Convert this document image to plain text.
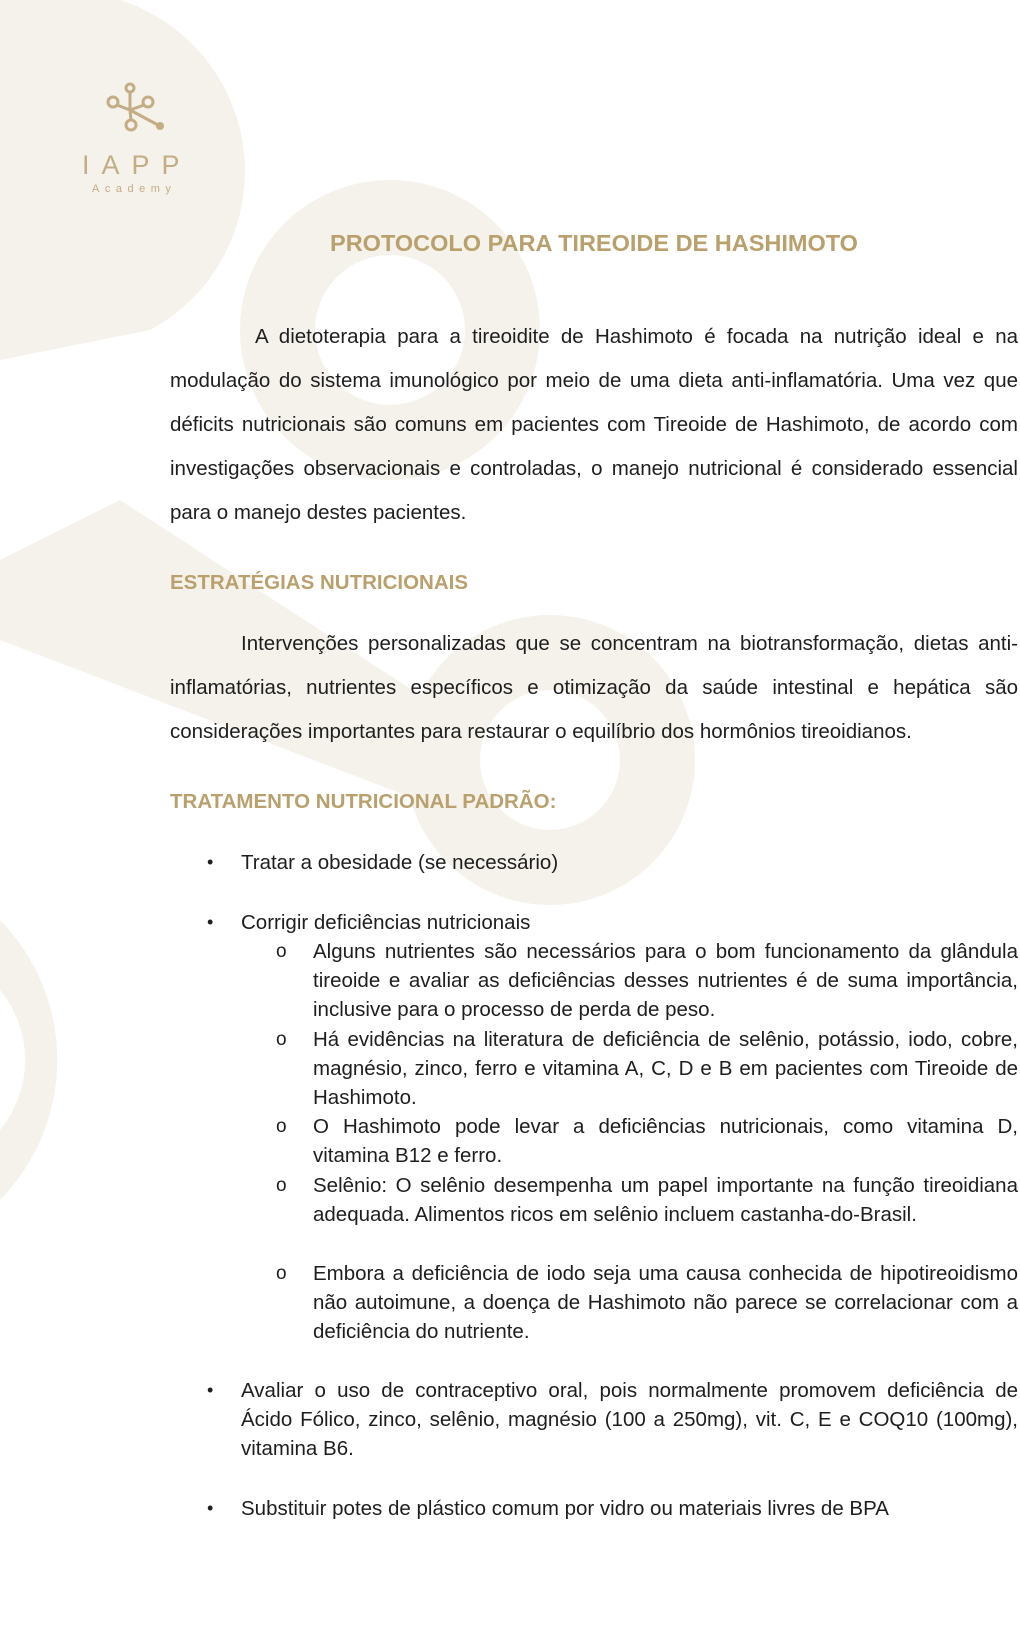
IAPP
Academy
PROTOCOLO PARA TIREOIDE DE HASHIMOTO

A dietoterapia para a tireoidite de Hashimoto é focada na nutrição ideal e na modulação do sistema imunológico por meio de uma dieta anti-inflamatória. Uma vez que déficits nutricionais são comuns em pacientes com Tireoide de Hashimoto, de acordo com investigações observacionais e controladas, o manejo nutricional é considerado essencial para o manejo destes pacientes.

ESTRATÉGIAS NUTRICIONAIS

Intervenções personalizadas que se concentram na biotransformação, dietas anti-inflamatórias, nutrientes específicos e otimização da saúde intestinal e hepática são considerações importantes para restaurar o equilíbrio dos hormônios tireoidianos.

TRATAMENTO NUTRICIONAL PADRÃO:
• Tratar a obesidade (se necessário)
• Corrigir deficiências nutricionais
o Alguns nutrientes são necessários para o bom funcionamento da glândula tireoide e avaliar as deficiências desses nutrientes é de suma importância, inclusive para o processo de perda de peso.
o Há evidências na literatura de deficiência de selênio, potássio, iodo, cobre, magnésio, zinco, ferro e vitamina A, C, D e B em pacientes com Tireoide de Hashimoto.
o O Hashimoto pode levar a deficiências nutricionais, como vitamina D, vitamina B12 e ferro.
o Selênio: O selênio desempenha um papel importante na função tireoidiana adequada. Alimentos ricos em selênio incluem castanha-do-Brasil.
o Embora a deficiência de iodo seja uma causa conhecida de hipotireoidismo não autoimune, a doença de Hashimoto não parece se correlacionar com a deficiência do nutriente.
• Avaliar o uso de contraceptivo oral, pois normalmente promovem deficiência de Ácido Fólico, zinco, selênio, magnésio (100 a 250mg), vit. C, E e COQ10 (100mg), vitamina B6.
• Substituir potes de plástico comum por vidro ou materiais livres de BPA
